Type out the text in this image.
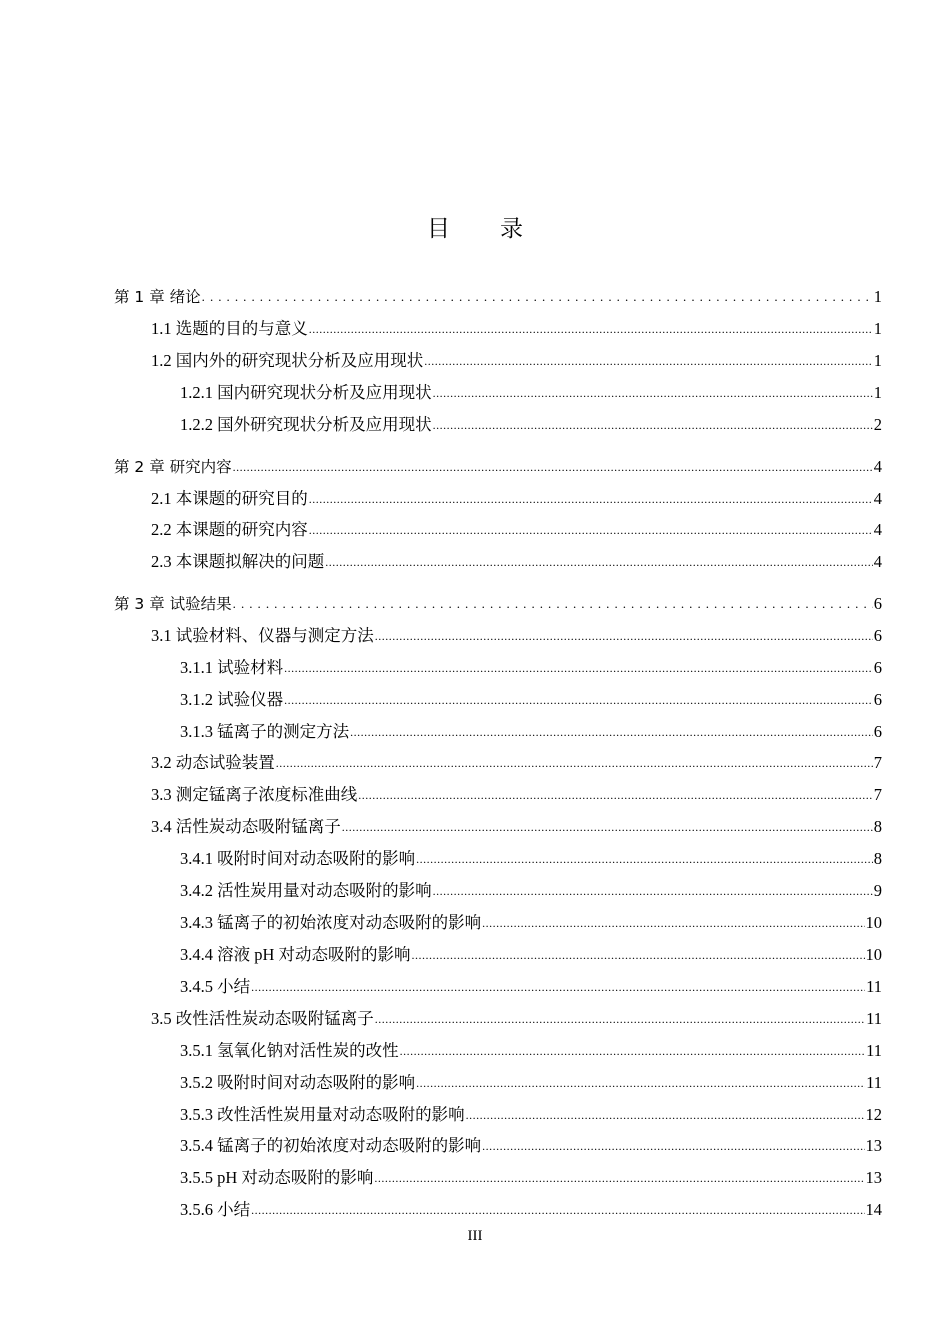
目 录
第 1 章 绪论 . . .	1
1.1 选题的目的与意义 .....	1
1.2 国内外的研究现状分析及应用现状 .....	1
1.2.1 国内研究现状分析及应用现状 .....	1
1.2.2 国外研究现状分析及应用现状 .....	2
第 2 章 研究内容 .....	4
2.1 本课题的研究目的 .....	4
2.2 本课题的研究内容 .....	4
2.3 本课题拟解决的问题 .....	4
第 3 章 试验结果 . . .	6
3.1 试验材料、仪器与测定方法 .....	6
3.1.1 试验材料 .....	6
3.1.2 试验仪器 .....	6
3.1.3 锰离子的测定方法 .....	6
3.2 动态试验装置 .....	7
3.3 测定锰离子浓度标准曲线 .....	7
3.4 活性炭动态吸附锰离子 .....	8
3.4.1 吸附时间对动态吸附的影响 .....	8
3.4.2 活性炭用量对动态吸附的影响 .....	9
3.4.3 锰离子的初始浓度对动态吸附的影响 .....	10
3.4.4 溶液 pH 对动态吸附的影响 .....	10
3.4.5 小结 .....	11
3.5 改性活性炭动态吸附锰离子 .....	11
3.5.1 氢氧化钠对活性炭的改性 .....	11
3.5.2 吸附时间对动态吸附的影响 .....	11
3.5.3 改性活性炭用量对动态吸附的影响 .....	12
3.5.4 锰离子的初始浓度对动态吸附的影响 .....	13
3.5.5 pH 对动态吸附的影响 .....	13
3.5.6 小结 .....	14
III
